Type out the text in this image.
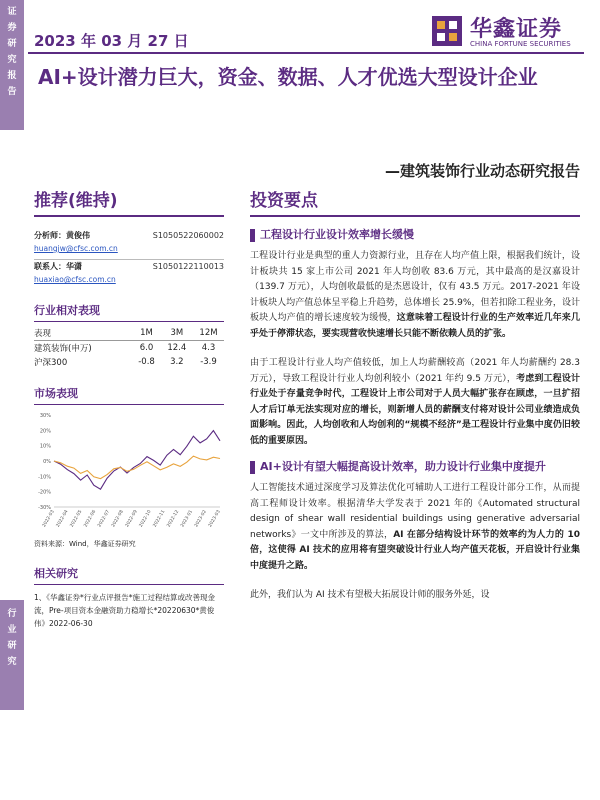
证
券
研
究
报
告
行
业
研
究
2023 年 03 月 27 日	华鑫证券
CHINA FORTUNE SECURITIES
AI+设计潜力巨大，资金、数据、人才优选大型设计企业
—建筑装饰行业动态研究报告
推荐(维持)
分析师：黄俊伟	S1050522060002
huangjw@cfsc.com.cn
联系人：华潇	S1050122110013
huaxiao@cfsc.com.cn
行业相对表现
表现	1M	3M	12M
建筑装饰(申万)	6.0	12.4	4.3
沪深300	-0.8	3.2	-3.9
市场表现
-30%
-20%
-10%
0%
10%
20%
30%
2022-03 2022-04 2022-05 2022-06 2022-07 2022-08 2022-09 2022-10 2022-11 2022-12 2023-01 2023-02 2023-03
资料来源：Wind，华鑫证券研究
相关研究
1、《华鑫证券*行业点评报告*施工过程结算或改善现金流，Pre-项目资本金融资助力稳增长*20220630*黄俊伟》2022-06-30
投资要点
工程设计行业设计效率增长缓慢

工程设计行业是典型的重人力资源行业，且存在人均产值上限，根据我们统计，设计板块共 15 家上市公司 2021 年人均创收 83.6 万元，其中最高的是汉嘉设计（139.7 万元），人均创收最低的是杰恩设计，仅有 43.5 万元。2017-2021 年设计板块人均产值总体呈平稳上升趋势，总体增长 25.9%，但若扣除工程业务，设计板块人均产值的增长速度较为缓慢，这意味着工程设计行业的生产效率近几年来几乎处于停滞状态，要实现营收快速增长只能不断依赖人员的扩张。

由于工程设计行业人均产值较低，加上人均薪酬较高（2021 年人均薪酬约 28.3 万元），导致工程设计行业人均创利较小（2021 年约 9.5 万元），考虑到工程设计行业处于存量竞争时代，工程设计上市公司对于人员大幅扩张存在顾虑，一旦扩招人才后订单无法实现对应的增长，则新增人员的薪酬支付将对设计公司业绩造成负面影响。因此，人均创收和人均创利的“规模不经济”是工程设计行业集中度仍旧较低的重要原因。

AI+设计有望大幅提高设计效率，助力设计行业集中度提升

人工智能技术通过深度学习及算法优化可辅助人工进行工程设计部分工作，从而提高工程师设计效率。根据清华大学发表于 2021 年的《Automated structural design of shear wall residential buildings using generative adversarial networks》一文中所涉及的算法，AI 在部分结构设计环节的效率约为人力的 10 倍，这使得 AI 技术的应用将有望突破设计行业人均产值天花板，开启设计行业集中度提升之路。

此外，我们认为 AI 技术有望极大拓展设计师的服务外延，设
